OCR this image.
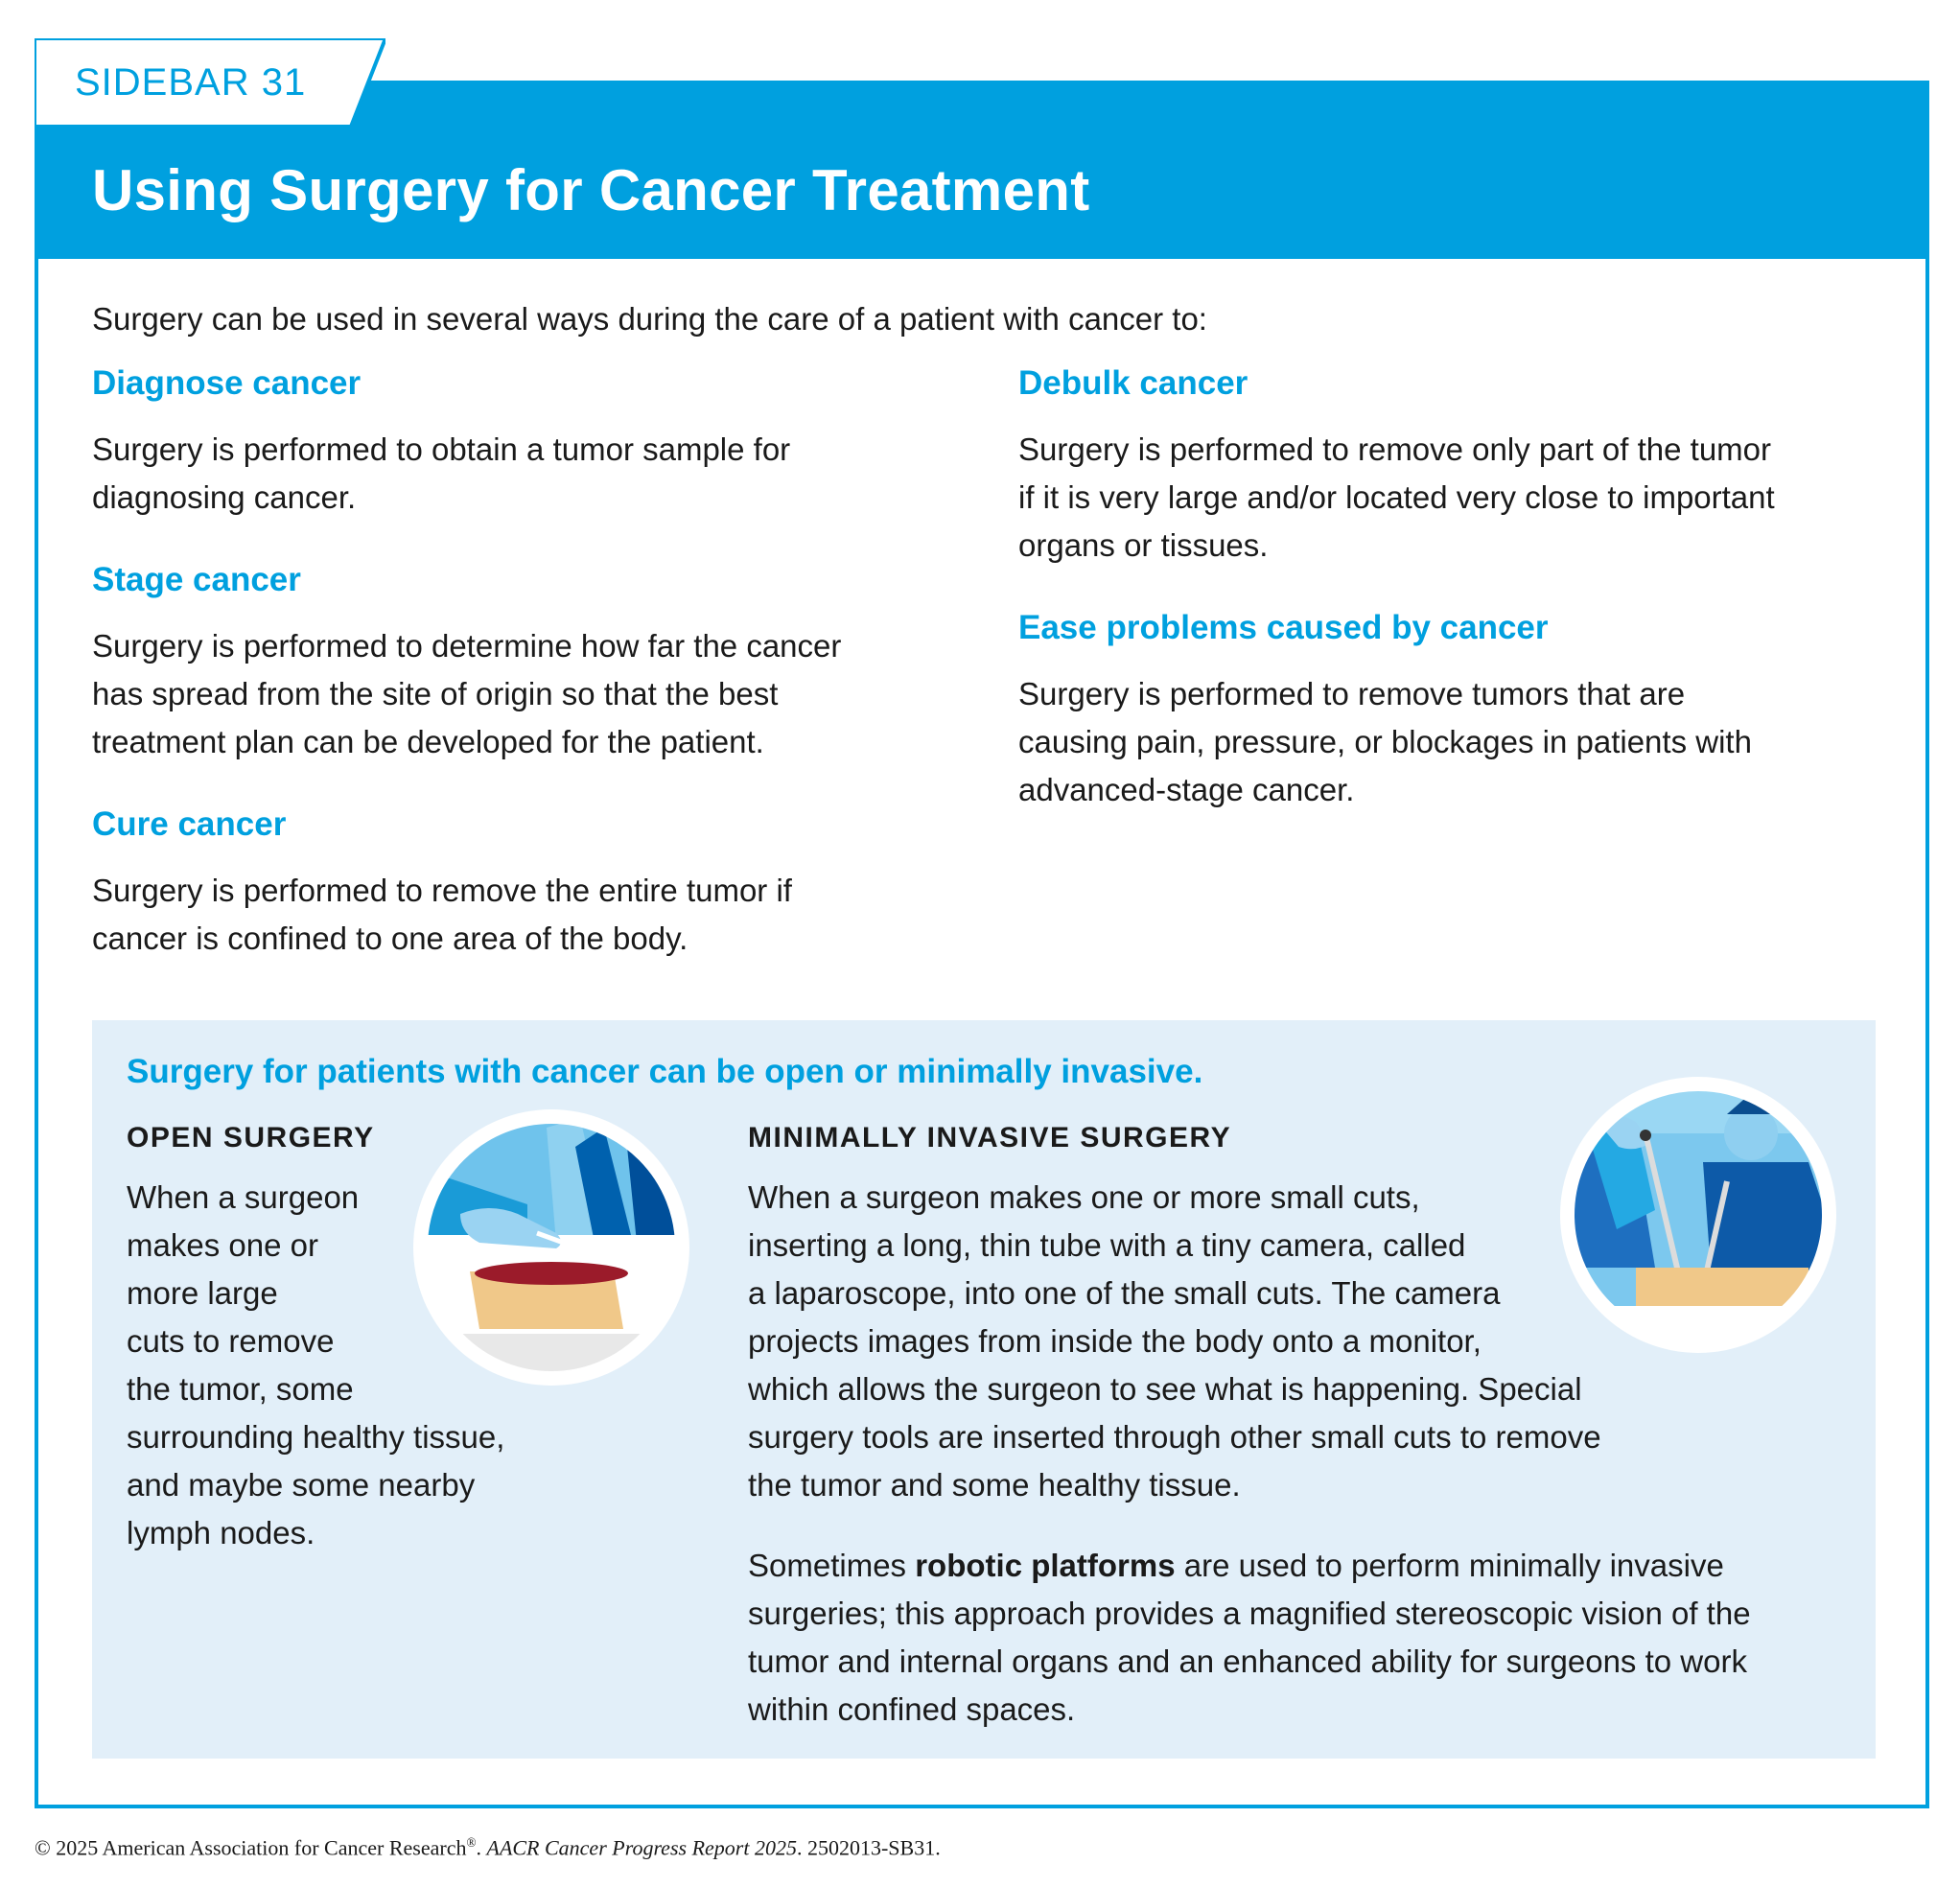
SIDEBAR 31
Using Surgery for Cancer Treatment
Surgery can be used in several ways during the care of a patient with cancer to:
Diagnose cancer
Surgery is performed to obtain a tumor sample for
diagnosing cancer.
Stage cancer
Surgery is performed to determine how far the cancer
has spread from the site of origin so that the best
treatment plan can be developed for the patient.
Cure cancer
Surgery is performed to remove the entire tumor if
cancer is confined to one area of the body.
Debulk cancer
Surgery is performed to remove only part of the tumor
if it is very large and/or located very close to important
organs or tissues.
Ease problems caused by cancer
Surgery is performed to remove tumors that are
causing pain, pressure, or blockages in patients with
advanced-stage cancer.
Surgery for patients with cancer can be open or minimally invasive.
OPEN SURGERY
When a surgeon
makes one or
more large
cuts to remove
the tumor, some
surrounding healthy tissue,
and maybe some nearby
lymph nodes.
MINIMALLY INVASIVE SURGERY
When a surgeon makes one or more small cuts,
inserting a long, thin tube with a tiny camera, called
a laparoscope, into one of the small cuts. The camera
projects images from inside the body onto a monitor,
which allows the surgeon to see what is happening. Special
surgery tools are inserted through other small cuts to remove
the tumor and some healthy tissue.
Sometimes robotic platforms are used to perform minimally invasive
surgeries; this approach provides a magnified stereoscopic vision of the
tumor and internal organs and an enhanced ability for surgeons to work
within confined spaces.
© 2025 American Association for Cancer Research®. AACR Cancer Progress Report 2025. 2502013-SB31.
